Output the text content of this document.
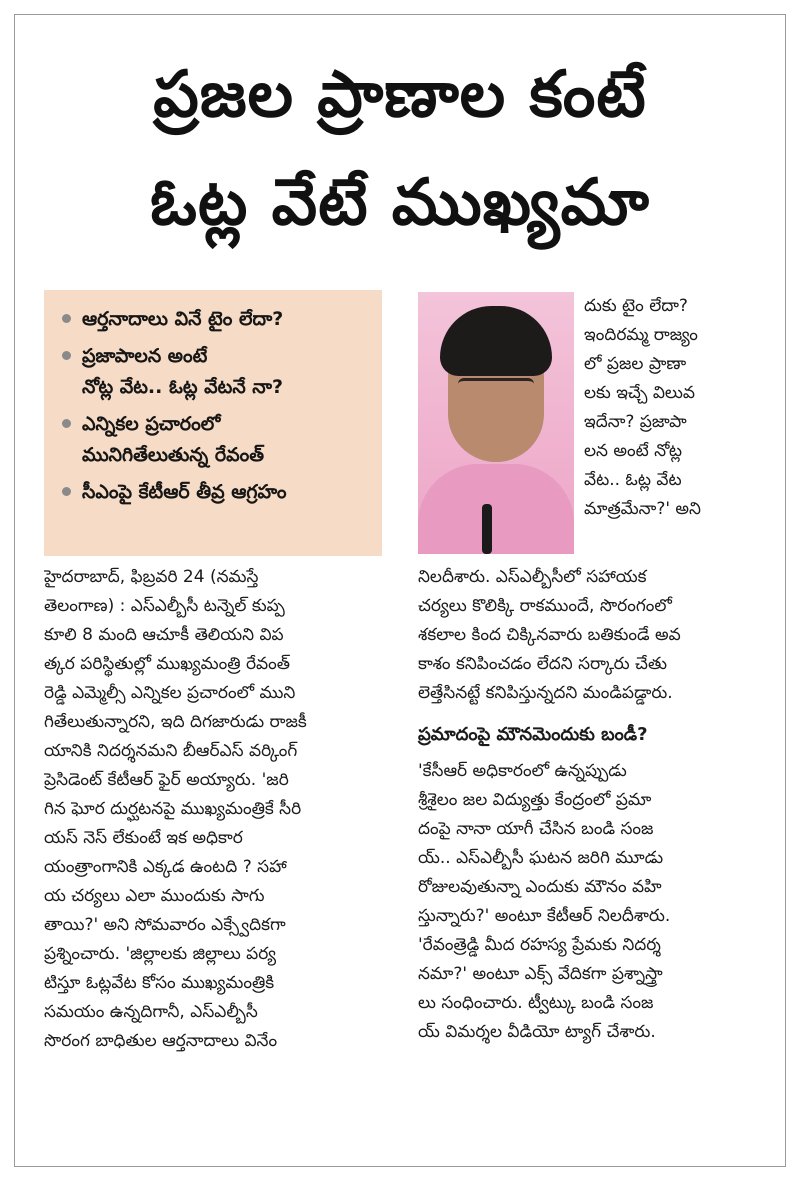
ప్రజల ప్రాణాల కంటే
ఓట్ల వేటే ముఖ్యమా
ఆర్తనాదాలు వినే టైం లేదా?
ప్రజాపాలన అంటే
నోట్ల వేట.. ఓట్ల వేటనే నా?
ఎన్నికల ప్రచారంలో
మునిగితేలుతున్న రేవంత్
సీఎంపై కేటీఆర్ తీవ్ర ఆగ్రహం
దుకు టైం లేదా?
ఇందిరమ్మ రాజ్యం
లో ప్రజల ప్రాణా
లకు ఇచ్చే విలువ
ఇదేనా? ప్రజాపా
లన అంటే నోట్ల
వేట.. ఓట్ల వేట
మాత్రమేనా?' అని
హైదరాబాద్, ఫిబ్రవరి 24 (నమస్తే
తెలంగాణ) : ఎస్ఎల్బీసీ టన్నెల్ కుప్ప
కూలి 8 మంది ఆచూకీ తెలియని విప
త్కర పరిస్థితుల్లో ముఖ్యమంత్రి రేవంత్
రెడ్డి ఎమ్మెల్సీ ఎన్నికల ప్రచారంలో ముని
గితేలుతున్నారని, ఇది దిగజారుడు రాజకీ
యానికి నిదర్శనమని బీఆర్ఎస్ వర్కింగ్
ప్రెసిడెంట్ కేటీఆర్ ఫైర్ అయ్యారు. 'జరి
గిన ఘోర దుర్ఘటనపై ముఖ్యమంత్రికే సీరి
యస్ నెస్ లేకుంటే ఇక అధికార
యంత్రాంగానికి ఎక్కడ ఉంటది ? సహా
య చర్యలు ఎలా ముందుకు సాగు
తాయి?' అని సోమవారం ఎక్స్వేదికగా
ప్రశ్నించారు. 'జిల్లాలకు జిల్లాలు పర్య
టిస్తూ ఓట్లవేట కోసం ముఖ్యమంత్రికి
సమయం ఉన్నదిగానీ, ఎస్ఎల్బీసీ
సొరంగ బాధితుల ఆర్తనాదాలు వినేం
నిలదీశారు. ఎస్ఎల్బీసీలో సహాయక
చర్యలు కొలిక్కి రాకముందే, సొరంగంలో
శకలాల కింద చిక్కినవారు బతికుండే అవ
కాశం కనిపించడం లేదని సర్కారు చేతు
లెత్తేసినట్టే కనిపిస్తున్నదని మండిపడ్డారు.
ప్రమాదంపై మౌనమెందుకు బండీ?
'కేసీఆర్ అధికారంలో ఉన్నప్పుడు
శ్రీశైలం జల విద్యుత్తు కేంద్రంలో ప్రమా
దంపై నానా యాగీ చేసిన బండి సంజ
య్.. ఎస్ఎల్బీసీ ఘటన జరిగి మూడు
రోజులవుతున్నా ఎందుకు మౌనం వహి
స్తున్నారు?' అంటూ కేటీఆర్ నిలదీశారు.
'రేవంత్రెడ్డి మీద రహస్య ప్రేమకు నిదర్శ
నమా?' అంటూ ఎక్స్ వేదికగా ప్రశ్నాస్త్రా
లు సంధించారు. ట్వీట్కు బండి సంజ
య్ విమర్శల వీడియో ట్యాగ్ చేశారు.
